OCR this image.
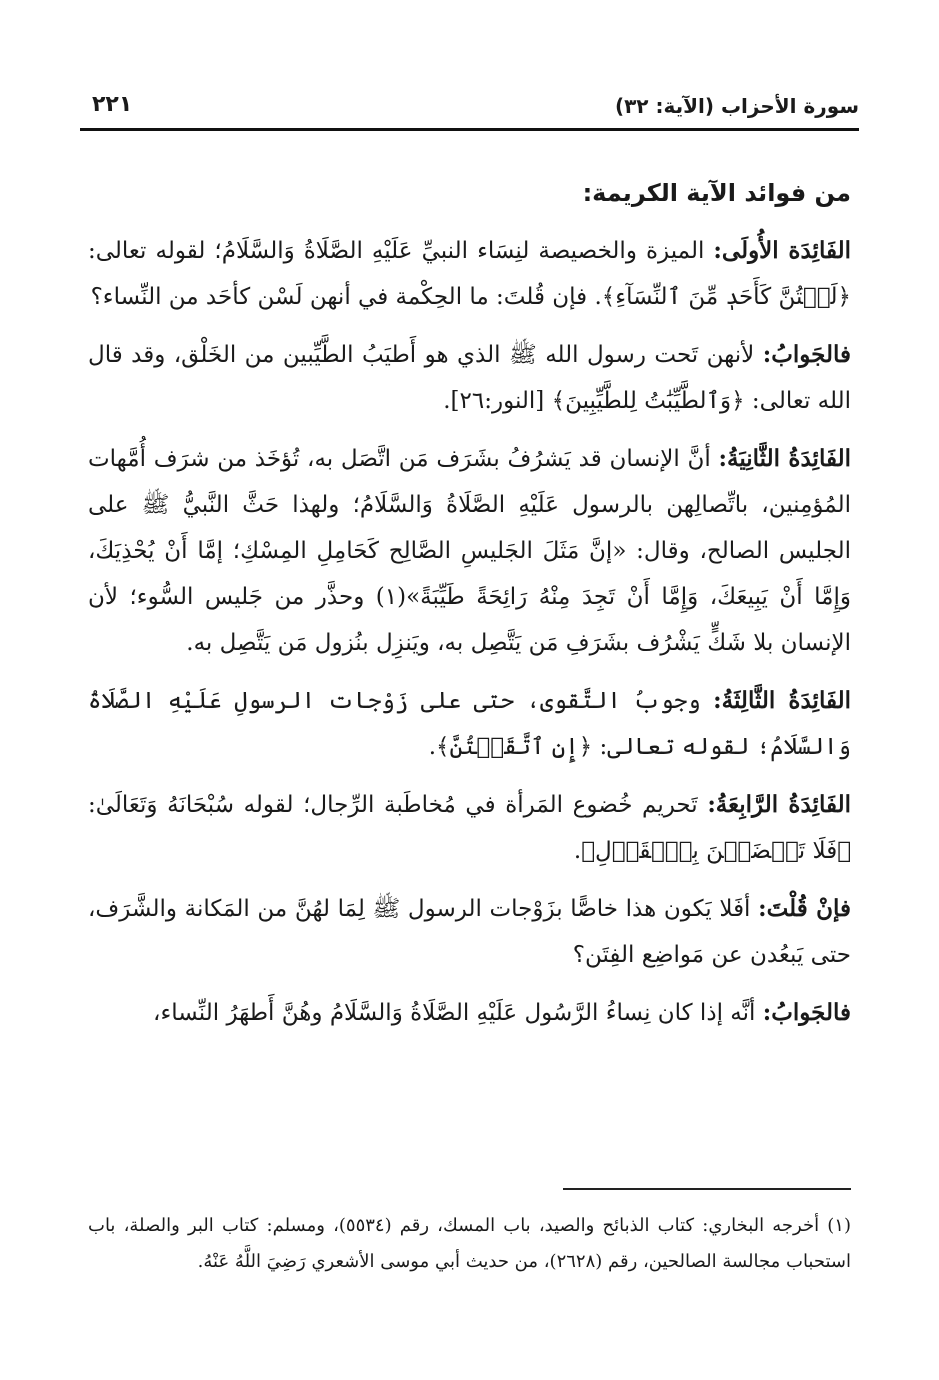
سورة الأحزاب (الآية: ٣٢)
٢٢١
من فوائد الآية الكريمة:

الفَائِدَة الأُولَى: الميزة والخصيصة لنِسَاء النبيِّ عَلَيْهِ الصَّلَاةُ وَالسَّلَامُ؛ لقوله تعالى: ﴿لَسۡتُنَّ كَأَحَدٖ مِّنَ ٱلنِّسَآءِ﴾. فإن قُلتَ: ما الحِكْمة في أنهن لَسْن كأحَد من النِّساء؟

فالجَوابُ: لأنهن تَحت رسول الله ﷺ الذي هو أَطيَبُ الطَّيِّبين من الخَلْق، وقد قال الله تعالى: ﴿وَٱلطَّيِّبَٰتُ لِلطَّيِّبِينَ﴾ [النور:٢٦].

الفَائِدَةُ الثَّانِيَةُ: أنَّ الإنسان قد يَشرُفُ بشَرَف مَن اتَّصَل به، تُؤخَذ من شرَف أُمَّهات المُؤمِنين، باتِّصالِهن بالرسول عَلَيْهِ الصَّلَاةُ وَالسَّلَامُ؛ ولهذا حَثَّ النَّبيُّ ﷺ على الجليس الصالح، وقال: «إنَّ مَثَلَ الجَليسِ الصَّالِح كَحَامِلِ المِسْكِ؛ إمَّا أَنْ يُحْذِيَكَ، وَإِمَّا أَنْ يَبِيعَكَ، وَإِمَّا أَنْ تَجِدَ مِنْهُ رَائِحَةً طَيِّبَةً»(١) وحذَّر من جَليس السُّوء؛ لأن الإنسان بلا شَكٍّ يَشْرُف بشَرَفِ مَن يَتَّصِل به، ويَنزِل بنُزول مَن يَتَّصِل به.

الفَائِدَةُ الثَّالِثَةُ: وجوبُ التَّقوى، حتى على زَوْجات الرسولِ عَلَيْهِ الصَّلَاةُ وَالسَّلَامُ؛ لقوله تعالى: ﴿إِنِ ٱتَّقَيۡتُنَّ﴾.

الفَائِدَةُ الرَّابِعَةُ: تَحريم خُضوع المَرأة في مُخاطَبة الرِّجال؛ لقوله سُبْحَانَهُ وَتَعَالَىٰ: ﴿فَلَا تَخۡضَعۡنَ بِٱلۡقَوۡلِ﴾.

فإنْ قُلْتَ: أفَلا يَكون هذا خاصًّا بزَوْجات الرسول ﷺ لِمَا لهُنَّ من المَكانة والشَّرَف، حتى يَبعُدن عن مَواضِع الفِتَن؟

فالجَوابُ: أنَّه إذا كان نِساءُ الرَّسُول عَلَيْهِ الصَّلَاةُ وَالسَّلَامُ وهُنَّ أَطهَرُ النِّساء،

(١) أخرجه البخاري: كتاب الذبائح والصيد، باب المسك، رقم (٥٥٣٤)، ومسلم: كتاب البر والصلة، باب استحباب مجالسة الصالحين، رقم (٢٦٢٨)، من حديث أبي موسى الأشعري رَضِيَ اللَّهُ عَنْهُ.
